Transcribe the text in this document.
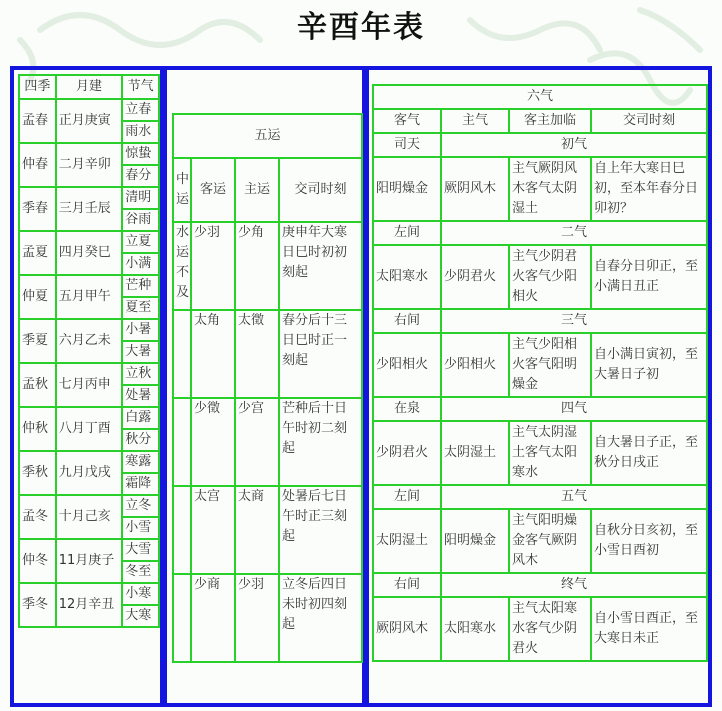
辛酉年表
四季	月建	节气
孟春	正月庚寅	立春
		雨水
仲春	二月辛卯	惊蛰
		春分
季春	三月壬辰	清明
		谷雨
孟夏	四月癸巳	立夏
		小满
仲夏	五月甲午	芒种
		夏至
季夏	六月乙未	小暑
		大暑
孟秋	七月丙申	立秋
		处暑
仲秋	八月丁酉	白露
		秋分
季秋	九月戊戌	寒露
		霜降
孟冬	十月己亥	立冬
		小雪
仲冬	11月庚子	大雪
		冬至
季冬	12月辛丑	小寒
		大寒
五运			
中运	客运	主运	交司时刻
水运不及	少羽	少角	庚申年大寒日巳时初初刻起
	太角	太徵	春分后十三日巳时正一刻起
	少徵	少宫	芒种后十日午时初二刻起
	太宫	太商	处暑后七日午时正三刻起
	少商	少羽	立冬后四日未时初四刻起
六气			
客气	主气	客主加临	交司时刻
司天	初气		
阳明燥金	厥阴风木	主气厥阴风木客气太阴湿土	自上年大寒日巳初，至本年春分日卯初？
左间	二气		
太阳寒水	少阴君火	主气少阴君火客气少阳相火	自春分日卯正，至小满日丑正
右间	三气		
少阳相火	少阳相火	主气少阳相火客气阳明燥金	自小满日寅初，至大暑日子初
在泉	四气		
少阴君火	太阴湿土	主气太阴湿土客气太阳寒水	自大暑日子正，至秋分日戌正
左间	五气		
太阴湿土	阳明燥金	主气阳明燥金客气厥阴风木	自秋分日亥初，至小雪日酉初
右间	终气		
厥阴风木	太阳寒水	主气太阳寒水客气少阴君火	自小雪日酉正，至大寒日未正
